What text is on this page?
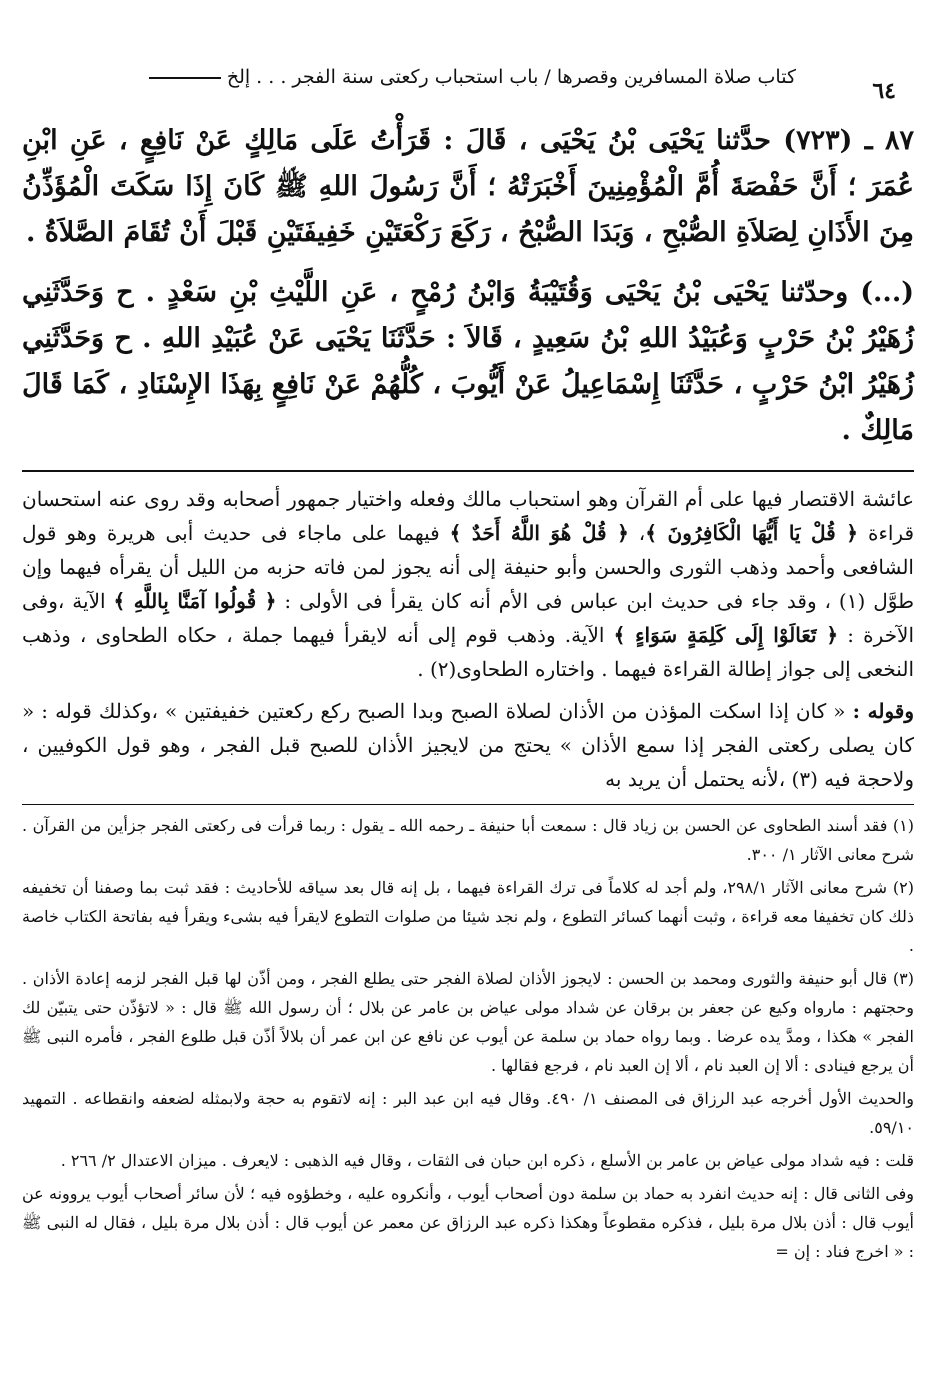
٦٤
كتاب صلاة المسافرين وقصرها / باب استحباب ركعتى سنة الفجر . . . إلخ

٨٧ ـ (٧٢٣) حدَّثنا يَحْيَى بْنُ يَحْيَى ، قَالَ : قَرَأْتُ عَلَى مَالِكٍ عَنْ نَافِعٍ ، عَنِ ابْنِ عُمَرَ ؛ أَنَّ حَفْصَةَ أُمَّ الْمُؤْمِنِينَ أَخْبَرَتْهُ ؛ أَنَّ رَسُولَ اللهِ ﷺ كَانَ إِذَا سَكَتَ الْمُؤَذِّنُ مِنَ الأَذَانِ لِصَلاَةِ الصُّبْحِ ، وَبَدَا الصُّبْحُ ، رَكَعَ رَكْعَتَيْنِ خَفِيفَتَيْنِ قَبْلَ أَنْ تُقَامَ الصَّلاَةُ .

(...) وحدّثنا يَحْيَى بْنُ يَحْيَى وَقُتَيْبَةُ وَابْنُ رُمْحٍ ، عَنِ اللَّيْثِ بْنِ سَعْدٍ . ح وَحَدَّثَنِي زُهَيْرُ بْنُ حَرْبٍ وَعُبَيْدُ اللهِ بْنُ سَعِيدٍ ، قَالاَ : حَدَّثَنَا يَحْيَى عَنْ عُبَيْدِ اللهِ . ح وَحَدَّثَنِي زُهَيْرُ ابْنُ حَرْبٍ ، حَدَّثَنَا إِسْمَاعِيلُ عَنْ أَيُّوبَ ، كُلُّهُمْ عَنْ نَافِعٍ بِهَذَا الإِسْنَادِ ، كَمَا قَالَ مَالِكٌ .

عائشة الاقتصار فيها على أم القرآن وهو استحباب مالك وفعله واختيار جمهور أصحابه وقد روى عنه استحسان قراءة ﴿ قُلْ يَا أَيُّهَا الْكَافِرُونَ ﴾، ﴿ قُلْ هُوَ اللَّهُ أَحَدٌ ﴾ فيهما على ماجاء فى حديث أبى هريرة وهو قول الشافعى وأحمد وذهب الثورى والحسن وأبو حنيفة إلى أنه يجوز لمن فاته حزبه من الليل أن يقرأه فيهما وإن طوَّل (١) ، وقد جاء فى حديث ابن عباس فى الأم أنه كان يقرأ فى الأولى : ﴿ قُولُوا آمَنَّا بِاللَّهِ ﴾ الآية ،وفى الآخرة : ﴿ تَعَالَوْا إِلَى كَلِمَةٍ سَوَاءٍ ﴾ الآية. وذهب قوم إلى أنه لايقرأ فيهما جملة ، حكاه الطحاوى ، وذهب النخعى إلى جواز إطالة القراءة فيهما . واختاره الطحاوى(٢) .

وقوله : « كان إذا اسكت المؤذن من الأذان لصلاة الصبح وبدا الصبح ركع ركعتين خفيفتين » ،وكذلك قوله : « كان يصلى ركعتى الفجر إذا سمع الأذان » يحتج من لايجيز الأذان للصبح قبل الفجر ، وهو قول الكوفيين ، ولاحجة فيه (٣) ،لأنه يحتمل أن يريد به

(١) فقد أسند الطحاوى عن الحسن بن زياد قال : سمعت أبا حنيفة ـ رحمه الله ـ يقول : ربما قرأت فى ركعتى الفجر جزأين من القرآن . شرح معانى الآثار ١/ ٣٠٠.

(٢) شرح معانى الآثار ٢٩٨/١، ولم أجد له كلاماً فى ترك القراءة فيهما ، بل إنه قال بعد سياقه للأحاديث : فقد ثبت بما وصفنا أن تخفيفه ذلك كان تخفيفا معه قراءة ، وثبت أنهما كسائر التطوع ، ولم نجد شيئا من صلوات التطوع لايقرأ فيه بشىء ويقرأ فيه بفاتحة الكتاب خاصة .

(٣) قال أبو حنيفة والثورى ومحمد بن الحسن : لايجوز الأذان لصلاة الفجر حتى يطلع الفجر ، ومن أذّن لها قبل الفجر لزمه إعادة الأذان . وحجتهم : مارواه وكيع عن جعفر بن برقان عن شداد مولى عياض بن عامر عن بلال ؛ أن رسول الله ﷺ قال : « لاتؤذّن حتى يتبيّن لك الفجر » هكذا ، ومدَّ يده عرضا . وبما رواه حماد بن سلمة عن أيوب عن نافع عن ابن عمر أن بلالاً أذّن قبل طلوع الفجر ، فأمره النبى ﷺ أن يرجع فينادى : ألا إن العبد نام ، ألا إن العبد نام ، فرجع فقالها .

والحديث الأول أخرجه عبد الرزاق فى المصنف ١/ ٤٩٠. وقال فيه ابن عبد البر : إنه لاتقوم به حجة ولابمثله لضعفه وانقطاعه . التمهيد ٥٩/١٠.

قلت : فيه شداد مولى عياض بن عامر بن الأسلع ، ذكره ابن حبان فى الثقات ، وقال فيه الذهبى : لايعرف . ميزان الاعتدال ٢/ ٢٦٦ .

وفى الثانى قال : إنه حديث انفرد به حماد بن سلمة دون أصحاب أيوب ، وأنكروه عليه ، وخطؤوه فيه ؛ لأن سائر أصحاب أيوب يروونه عن أيوب قال : أذن بلال مرة بليل ، فذكره مقطوعاً وهكذا ذكره عبد الرزاق عن معمر عن أيوب قال : أذن بلال مرة بليل ، فقال له النبى ﷺ : « اخرج فناد : إن =
